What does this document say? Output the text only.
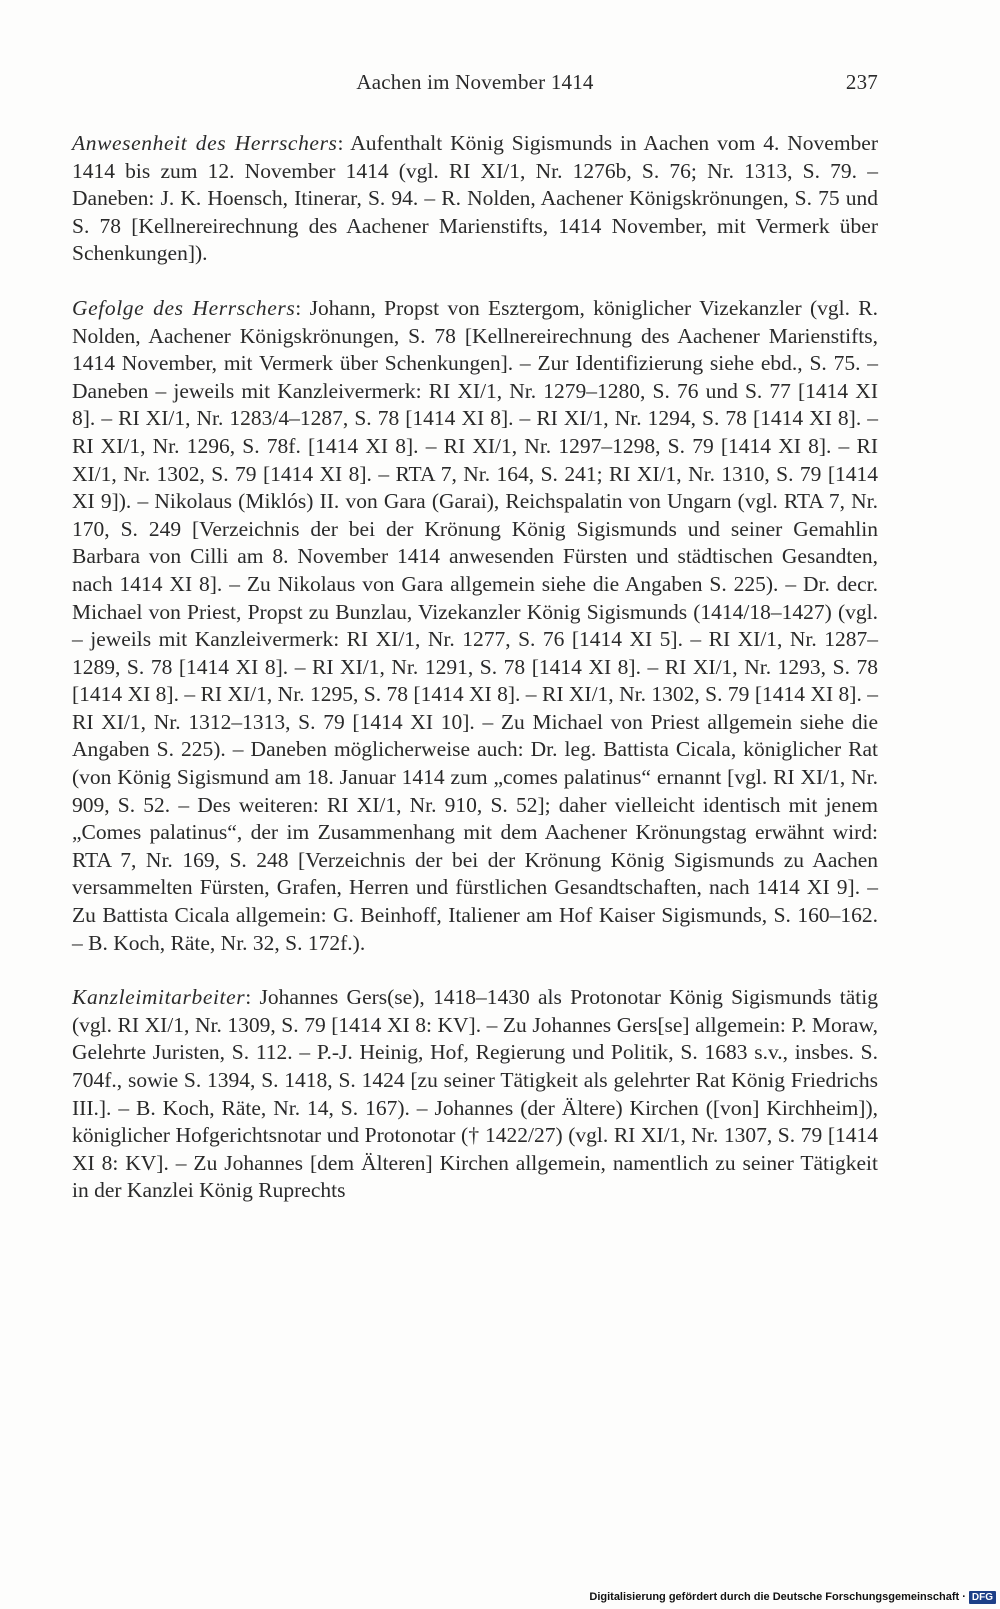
Aachen im November 1414	237

Anwesenheit des Herrschers: Aufenthalt König Sigismunds in Aachen vom 4. November 1414 bis zum 12. November 1414 (vgl. RI XI/1, Nr. 1276b, S. 76; Nr. 1313, S. 79. – Daneben: J. K. Hoensch, Itinerar, S. 94. – R. Nolden, Aachener Königskrönungen, S. 75 und S. 78 [Kellnereirechnung des Aachener Marienstifts, 1414 November, mit Vermerk über Schenkungen]).

Gefolge des Herrschers: Johann, Propst von Esztergom, königlicher Vizekanzler (vgl. R. Nolden, Aachener Königskrönungen, S. 78 [Kellnereirechnung des Aachener Marienstifts, 1414 November, mit Vermerk über Schenkungen]. – Zur Identifizierung siehe ebd., S. 75. – Daneben – jeweils mit Kanzleivermerk: RI XI/1, Nr. 1279–1280, S. 76 und S. 77 [1414 XI 8]. – RI XI/1, Nr. 1283/4–1287, S. 78 [1414 XI 8]. – RI XI/1, Nr. 1294, S. 78 [1414 XI 8]. – RI XI/1, Nr. 1296, S. 78f. [1414 XI 8]. – RI XI/1, Nr. 1297–1298, S. 79 [1414 XI 8]. – RI XI/1, Nr. 1302, S. 79 [1414 XI 8]. – RTA 7, Nr. 164, S. 241; RI XI/1, Nr. 1310, S. 79 [1414 XI 9]). – Nikolaus (Miklós) II. von Gara (Garai), Reichspalatin von Ungarn (vgl. RTA 7, Nr. 170, S. 249 [Verzeichnis der bei der Krönung König Sigismunds und seiner Gemahlin Barbara von Cilli am 8. November 1414 anwesenden Fürsten und städtischen Gesandten, nach 1414 XI 8]. – Zu Nikolaus von Gara allgemein siehe die Angaben S. 225). – Dr. decr. Michael von Priest, Propst zu Bunzlau, Vizekanzler König Sigismunds (1414/18–1427) (vgl. – jeweils mit Kanzleivermerk: RI XI/1, Nr. 1277, S. 76 [1414 XI 5]. – RI XI/1, Nr. 1287–1289, S. 78 [1414 XI 8]. – RI XI/1, Nr. 1291, S. 78 [1414 XI 8]. – RI XI/1, Nr. 1293, S. 78 [1414 XI 8]. – RI XI/1, Nr. 1295, S. 78 [1414 XI 8]. – RI XI/1, Nr. 1302, S. 79 [1414 XI 8]. – RI XI/1, Nr. 1312–1313, S. 79 [1414 XI 10]. – Zu Michael von Priest allgemein siehe die Angaben S. 225). – Daneben möglicherweise auch: Dr. leg. Battista Cicala, königlicher Rat (von König Sigismund am 18. Januar 1414 zum „comes palatinus“ ernannt [vgl. RI XI/1, Nr. 909, S. 52. – Des weiteren: RI XI/1, Nr. 910, S. 52]; daher vielleicht identisch mit jenem „Comes palatinus“, der im Zusammenhang mit dem Aachener Krönungstag erwähnt wird: RTA 7, Nr. 169, S. 248 [Verzeichnis der bei der Krönung König Sigismunds zu Aachen versammelten Fürsten, Grafen, Herren und fürstlichen Gesandtschaften, nach 1414 XI 9]. – Zu Battista Cicala allgemein: G. Beinhoff, Italiener am Hof Kaiser Sigismunds, S. 160–162. – B. Koch, Räte, Nr. 32, S. 172f.).

Kanzleimitarbeiter: Johannes Gers(se), 1418–1430 als Protonotar König Sigismunds tätig (vgl. RI XI/1, Nr. 1309, S. 79 [1414 XI 8: KV]. – Zu Johannes Gers[se] allgemein: P. Moraw, Gelehrte Juristen, S. 112. – P.-J. Heinig, Hof, Regierung und Politik, S. 1683 s.v., insbes. S. 704f., sowie S. 1394, S. 1418, S. 1424 [zu seiner Tätigkeit als gelehrter Rat König Friedrichs III.]. – B. Koch, Räte, Nr. 14, S. 167). – Johannes (der Ältere) Kirchen ([von] Kirchheim]), königlicher Hofgerichtsnotar und Protonotar († 1422/27) (vgl. RI XI/1, Nr. 1307, S. 79 [1414 XI 8: KV]. – Zu Johannes [dem Älteren] Kirchen allgemein, namentlich zu seiner Tätigkeit in der Kanzlei König Ruprechts

Digitalisierung gefördert durch die Deutsche Forschungsgemeinschaft · DFG
